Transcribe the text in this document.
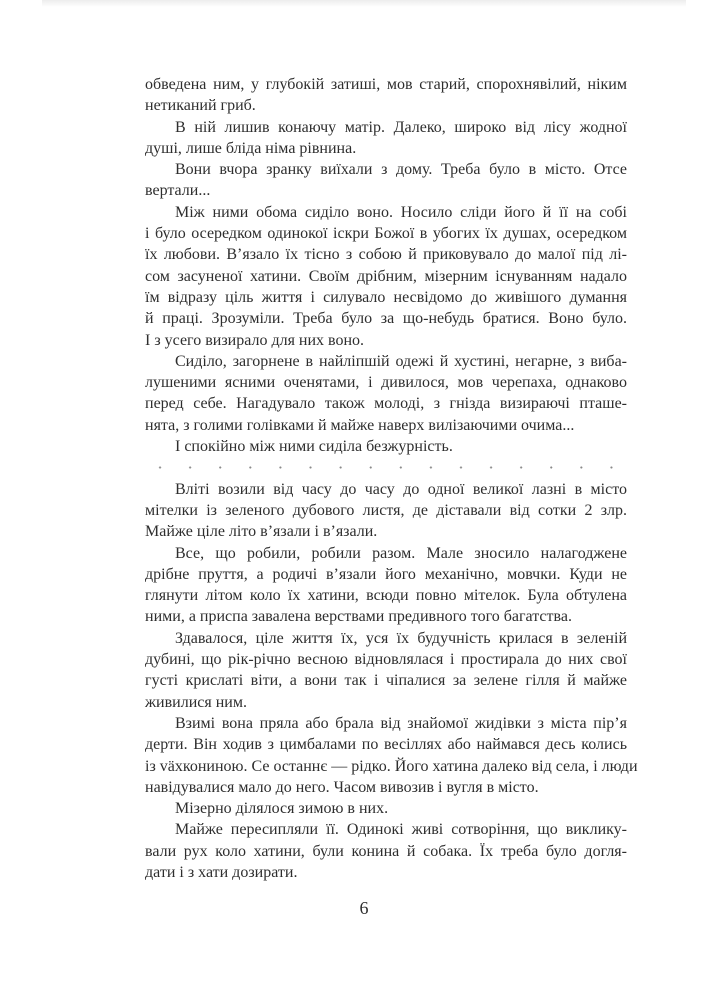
обведена ним, у глубокій затиші, мов старий, спорохнявілий, ніким
нетиканий гриб.
В ній лишив конаючу матір. Далеко, широко від лісу жодної
душі, лише бліда німа рівнина.
Вони вчора зранку виїхали з дому. Треба було в місто. Отсе
вертали...
Між ними обома сиділо воно. Носило сліди його й її на собі
і було осередком одинокої іскри Божої в убогих їх душах, осередком
їх любови. В’язало їх тісно з собою й приковувало до малої під лі-
сом засуненої хатини. Своїм дрібним, мізерним існуванням надало
їм відразу ціль життя і силувало несвідомо до живішого думання
й праці. Зрозуміли. Треба було за що-небудь братися. Воно було.
І з усего визирало для них воно.
Сиділо, загорнене в найліпшій одежі й хустині, негарне, з виба-
лушеними ясними оченятами, і дивилося, мов черепаха, однаково
перед себе. Нагадувало також молоді, з гнізда визираючі пташе-
нята, з голими голівками й майже наверх вилізаючими очима...
І спокійно між ними сиділа безжурність.
Вліті возили від часу до часу до одної великої лазні в місто
мітелки із зеленого дубового листя, де діставали від сотки 2 злр.
Майже ціле літо в’язали і в’язали.
Все, що робили, робили разом. Мале зносило налагоджене
дрібне пруття, а родичі в’язали його механічно, мовчки. Куди не
глянути літом коло їх хатини, всюди повно мітелок. Була обтулена
ними, а приспа завалена верствами предивного того багатства.
Здавалося, ціле життя їх, уся їх будучність крилася в зеленій
дубині, що рік-річно весною відновлялася і простирала до них свої
густі крислаті віти, а вони так і чіпалися за зелене гілля й майже
живилися ним.
Взимі вона пряла або брала від знайомої жидівки з міста пір’я
дерти. Він ходив з цимбалами по весіллях або наймався десь колись
із växкониною. Се останнє — рідко. Його хатина далеко від села, і люди
навідувалися мало до него. Часом вивозив і вугля в місто.
Мізерно ділялося зимою в них.
Майже пересипляли її. Одинокі живі сотворіння, що виклику-
вали рух коло хатини, були конина й собака. Їх треба було догля-
дати і з хати дозирати.
6
